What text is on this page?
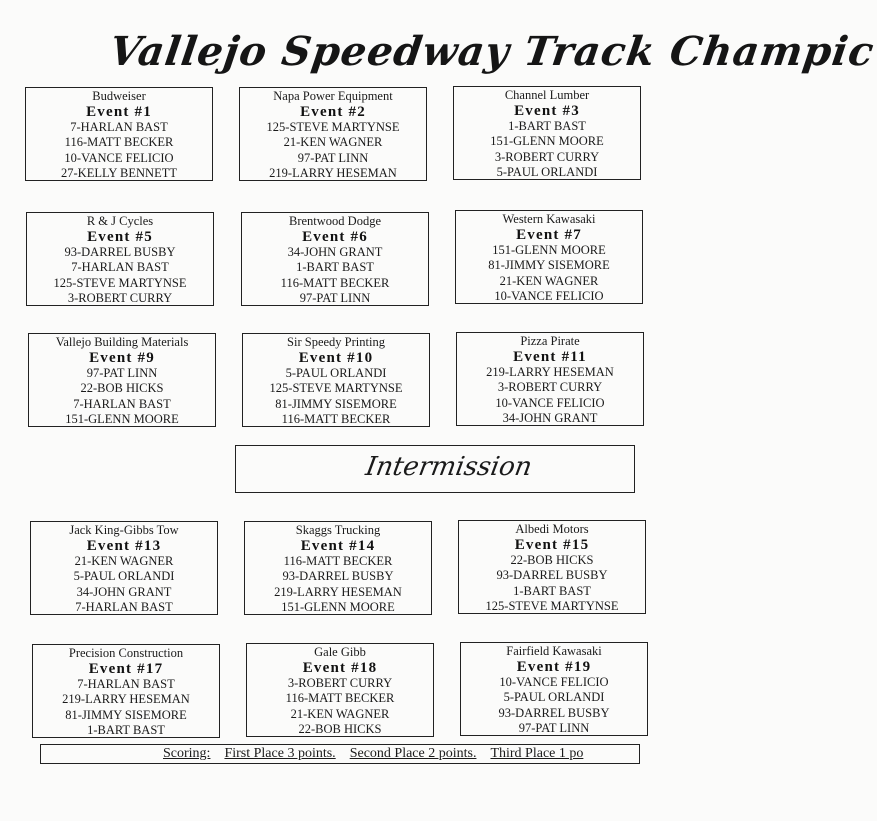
Vallejo Speedway Track Champic
Budweiser
Event #1
7-HARLAN BAST
116-MATT BECKER
10-VANCE FELICIO
27-KELLY BENNETT
Napa Power Equipment
Event #2
125-STEVE MARTYNSE
21-KEN WAGNER
97-PAT LINN
219-LARRY HESEMAN
Channel Lumber
Event #3
1-BART BAST
151-GLENN MOORE
3-ROBERT CURRY
5-PAUL ORLANDI
R & J Cycles
Event #5
93-DARREL BUSBY
7-HARLAN BAST
125-STEVE MARTYNSE
3-ROBERT CURRY
Brentwood Dodge
Event #6
34-JOHN GRANT
1-BART BAST
116-MATT BECKER
97-PAT LINN
Western Kawasaki
Event #7
151-GLENN MOORE
81-JIMMY SISEMORE
21-KEN WAGNER
10-VANCE FELICIO
Vallejo Building Materials
Event #9
97-PAT LINN
22-BOB HICKS
7-HARLAN BAST
151-GLENN MOORE
Sir Speedy Printing
Event #10
5-PAUL ORLANDI
125-STEVE MARTYNSE
81-JIMMY SISEMORE
116-MATT BECKER
Pizza Pirate
Event #11
219-LARRY HESEMAN
3-ROBERT CURRY
10-VANCE FELICIO
34-JOHN GRANT
Intermission
Jack King-Gibbs Tow
Event #13
21-KEN WAGNER
5-PAUL ORLANDI
34-JOHN GRANT
7-HARLAN BAST
Skaggs Trucking
Event #14
116-MATT BECKER
93-DARREL BUSBY
219-LARRY HESEMAN
151-GLENN MOORE
Albedi Motors
Event #15
22-BOB HICKS
93-DARREL BUSBY
1-BART BAST
125-STEVE MARTYNSE
Precision Construction
Event #17
7-HARLAN BAST
219-LARRY HESEMAN
81-JIMMY SISEMORE
1-BART BAST
Gale Gibb
Event #18
3-ROBERT CURRY
116-MATT BECKER
21-KEN WAGNER
22-BOB HICKS
Fairfield Kawasaki
Event #19
10-VANCE FELICIO
5-PAUL ORLANDI
93-DARREL BUSBY
97-PAT LINN
Scoring: First Place 3 points. Second Place 2 points. Third Place 1 po
